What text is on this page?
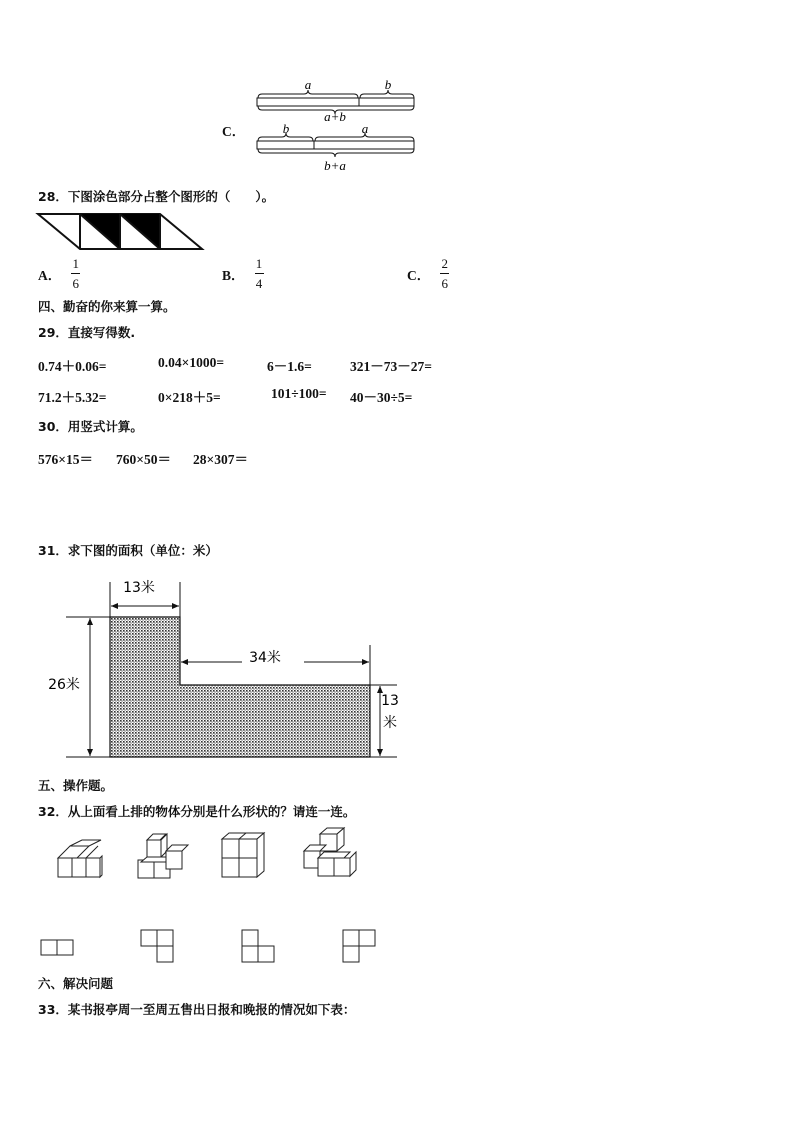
C．
a	b
a+b
b	a
b+a
28．下图涂色部分占整个图形的（　　）。
A． $\frac{1}{6}$	B． $\frac{1}{4}$	C． $\frac{2}{6}$
四、勤奋的你来算一算。
29．直接写得数.
0.74＋0.06=	0.04×1000=	6－1.6=	321－73－27=
71.2＋5.32=	0×218＋5=	101÷100= 40－30÷5=
30．用竖式计算。
576×15＝ 760×50＝ 28×307＝
31．求下图的面积（单位：米）
13米
34米
26米
13
米
五、操作题。
32．从上面看上排的物体分别是什么形状的？请连一连。
六、解决问题
33．某书报亭周一至周五售出日报和晚报的情况如下表：
